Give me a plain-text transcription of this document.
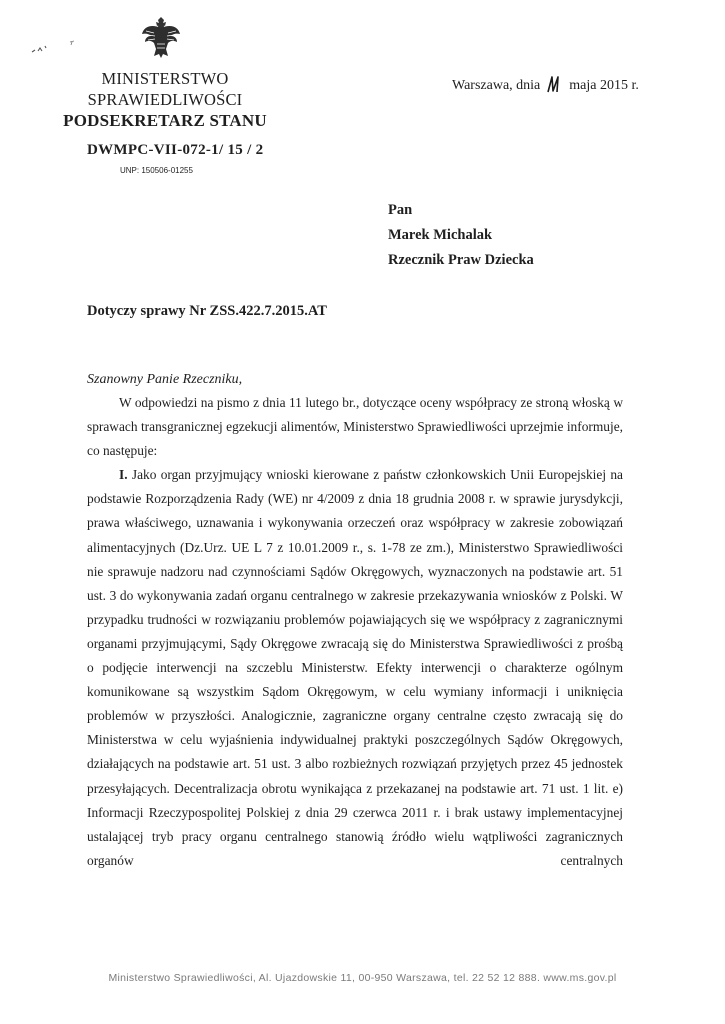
MINISTERSTWO SPRAWIEDLIWOŚCI
PODSEKRETARZ STANU
Warszawa, dnia maja 2015 r.
DWMPC-VII-072-1/ 15 / 2
UNP: 150506-01255
Pan
Marek Michalak
Rzecznik Praw Dziecka
Dotyczy sprawy Nr ZSS.422.7.2015.AT
Szanowny Panie Rzeczniku,

W odpowiedzi na pismo z dnia 11 lutego br., dotyczące oceny współpracy ze stroną włoską w sprawach transgranicznej egzekucji alimentów, Ministerstwo Sprawiedliwości uprzejmie informuje, co następuje:

I. Jako organ przyjmujący wnioski kierowane z państw członkowskich Unii Europejskiej na podstawie Rozporządzenia Rady (WE) nr 4/2009 z dnia 18 grudnia 2008 r. w sprawie jurysdykcji, prawa właściwego, uznawania i wykonywania orzeczeń oraz współpracy w zakresie zobowiązań alimentacyjnych (Dz.Urz. UE L 7 z 10.01.2009 r., s. 1-78 ze zm.), Ministerstwo Sprawiedliwości nie sprawuje nadzoru nad czynnościami Sądów Okręgowych, wyznaczonych na podstawie art. 51 ust. 3 do wykonywania zadań organu centralnego w zakresie przekazywania wniosków z Polski. W przypadku trudności w rozwiązaniu problemów pojawiających się we współpracy z zagranicznymi organami przyjmującymi, Sądy Okręgowe zwracają się do Ministerstwa Sprawiedliwości z prośbą o podjęcie interwencji na szczeblu Ministerstw. Efekty interwencji o charakterze ogólnym komunikowane są wszystkim Sądom Okręgowym, w celu wymiany informacji i uniknięcia problemów w przyszłości. Analogicznie, zagraniczne organy centralne często zwracają się do Ministerstwa w celu wyjaśnienia indywidualnej praktyki poszczególnych Sądów Okręgowych, działających na podstawie art. 51 ust. 3 albo rozbieżnych rozwiązań przyjętych przez 45 jednostek przesyłających. Decentralizacja obrotu wynikająca z przekazanej na podstawie art. 71 ust. 1 lit. e) Informacji Rzeczypospolitej Polskiej z dnia 29 czerwca 2011 r. i brak ustawy implementacyjnej ustalającej tryb pracy organu centralnego stanowią źródło wielu wątpliwości zagranicznych organów centralnych

Ministerstwo Sprawiedliwości, Al. Ujazdowskie 11, 00-950 Warszawa, tel. 22 52 12 888. www.ms.gov.pl
